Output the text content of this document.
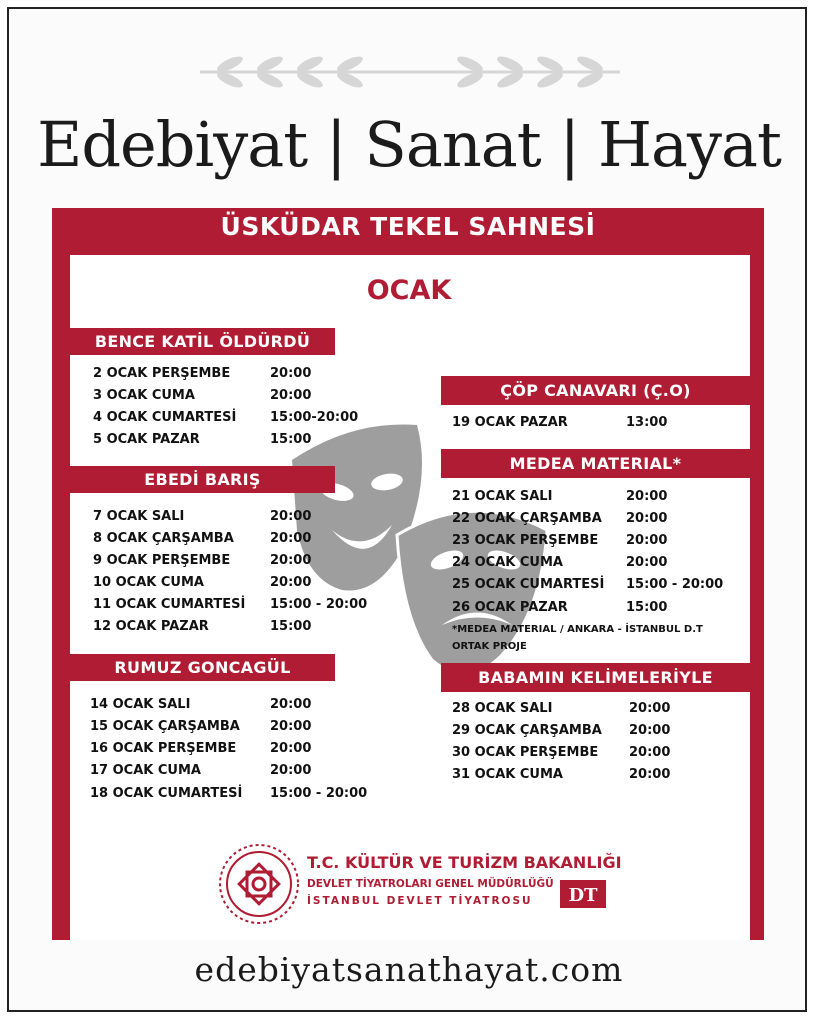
Edebiyat | Sanat | Hayat
ÜSKÜDAR TEKEL SAHNESİ
OCAK
BENCE KATİL ÖLDÜRDÜ
2 OCAK PERŞEMBE	20:00
3 OCAK CUMA	20:00
4 OCAK CUMARTESİ	15:00-20:00
5 OCAK PAZAR	15:00
EBEDİ BARIŞ
7 OCAK SALI	20:00
8 OCAK ÇARŞAMBA	20:00
9 OCAK PERŞEMBE	20:00
10 OCAK CUMA	20:00
11 OCAK CUMARTESİ 15:00 - 20:00
12 OCAK PAZAR	15:00
RUMUZ GONCAGÜL
14 OCAK SALI	20:00
15 OCAK ÇARŞAMBA 20:00
16 OCAK PERŞEMBE	20:00
17 OCAK CUMA	20:00
18 OCAK CUMARTESİ 15:00 - 20:00
ÇÖP CANAVARI (Ç.O)
19 OCAK PAZAR	13:00
MEDEA MATERIAL*
21 OCAK SALI	20:00
22 OCAK ÇARŞAMBA 20:00
23 OCAK PERŞEMBE 20:00
24 OCAK CUMA	20:00
25 OCAK CUMARTESİ 15:00 - 20:00
26 OCAK PAZAR	15:00
*MEDEA MATERIAL / ANKARA - İSTANBUL D.T
ORTAK PROJE
BABAMIN KELİMELERİYLE
28 OCAK SALI	20:00
29 OCAK ÇARŞAMBA 20:00
30 OCAK PERŞEMBE 20:00
31 OCAK CUMA	20:00
T.C. KÜLTÜR VE TURİZM BAKANLIĞI
DEVLET TİYATROLARI GENEL MÜDÜRLÜĞÜ
İSTANBUL DEVLET TİYATROSU DT
edebiyatsanathayat.com
